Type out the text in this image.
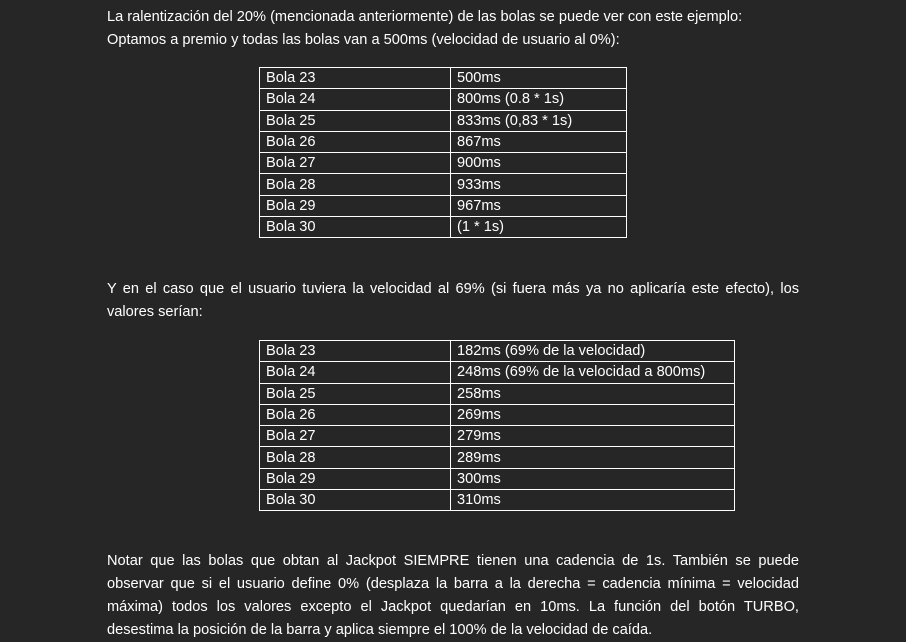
La ralentización del 20% (mencionada anteriormente) de las bolas se puede ver con este ejemplo:
Optamos a premio y todas las bolas van a 500ms (velocidad de usuario al 0%):

Bola 23	500ms
Bola 24	800ms (0.8 * 1s)
Bola 25	833ms (0,83 * 1s)
Bola 26	867ms
Bola 27	900ms
Bola 28	933ms
Bola 29	967ms
Bola 30	(1 * 1s)

Y en el caso que el usuario tuviera la velocidad al 69% (si fuera más ya no aplicaría este efecto), los
valores serían:

Bola 23	182ms (69% de la velocidad)
Bola 24	248ms (69% de la velocidad a 800ms)
Bola 25	258ms
Bola 26	269ms
Bola 27	279ms
Bola 28	289ms
Bola 29	300ms
Bola 30	310ms

Notar que las bolas que obtan al Jackpot SIEMPRE tienen una cadencia de 1s. También se puede
observar que si el usuario define 0% (desplaza la barra a la derecha = cadencia mínima = velocidad
máxima) todos los valores excepto el Jackpot quedarían en 10ms. La función del botón TURBO,
desestima la posición de la barra y aplica siempre el 100% de la velocidad de caída.
